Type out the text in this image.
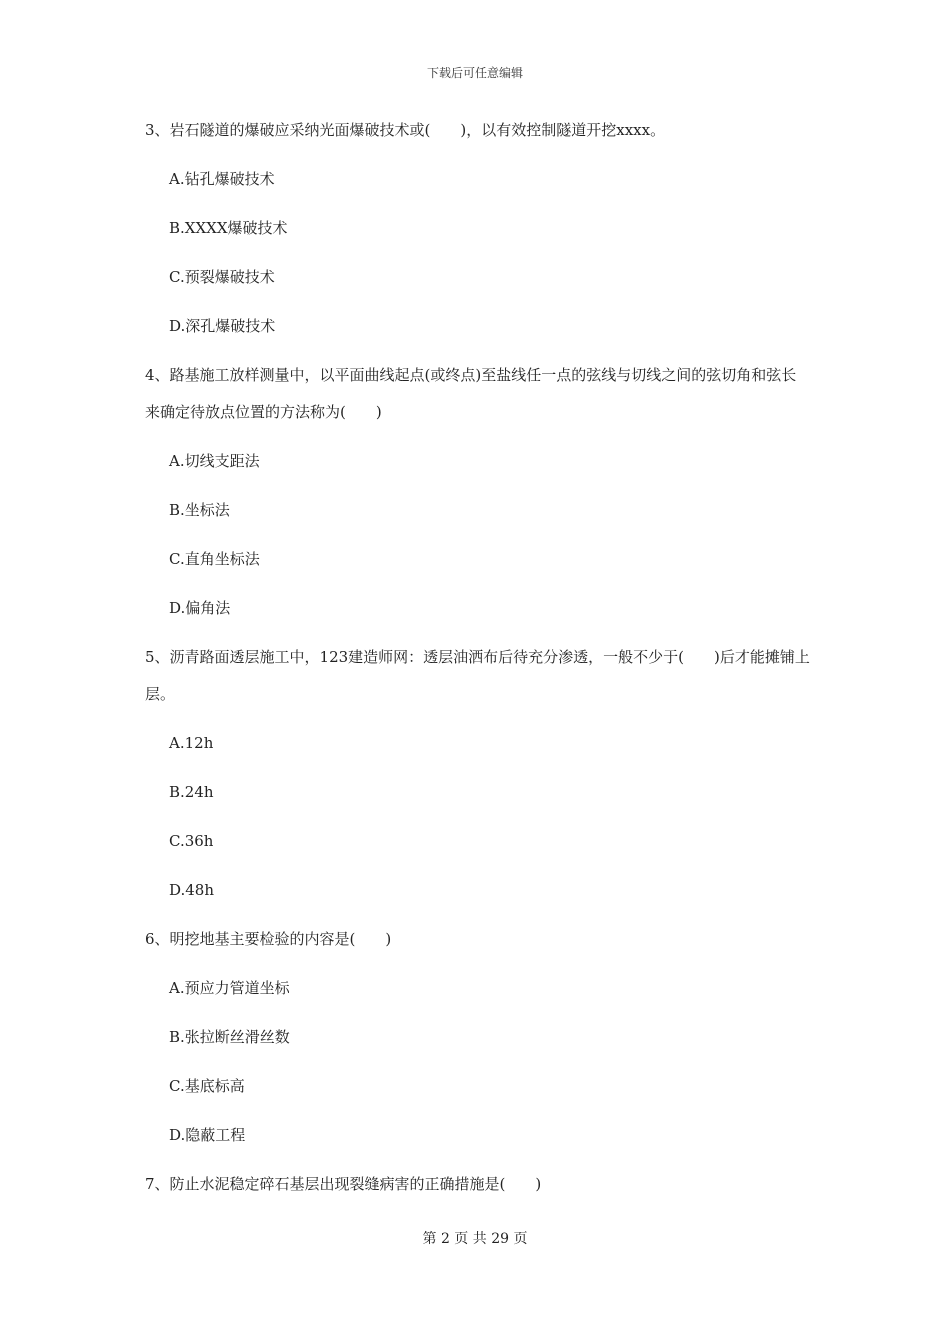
下载后可任意编辑
3、岩石隧道的爆破应采纳光面爆破技术或(　　)，以有效控制隧道开挖xxxx。
A.钻孔爆破技术
B.XXXX爆破技术
C.预裂爆破技术
D.深孔爆破技术
4、路基施工放样测量中，以平面曲线起点(或终点)至盐线任一点的弦线与切线之间的弦切角和弦长来确定待放点位置的方法称为(　　)
A.切线支距法
B.坐标法
C.直角坐标法
D.偏角法
5、沥青路面透层施工中，123建造师网：透层油洒布后待充分渗透，一般不少于(　　)后才能摊铺上层。
A.12h
B.24h
C.36h
D.48h
6、明挖地基主要检验的内容是(　　)
A.预应力管道坐标
B.张拉断丝滑丝数
C.基底标高
D.隐蔽工程
7、防止水泥稳定碎石基层出现裂缝病害的正确措施是(　　)
第 2 页 共 29 页
